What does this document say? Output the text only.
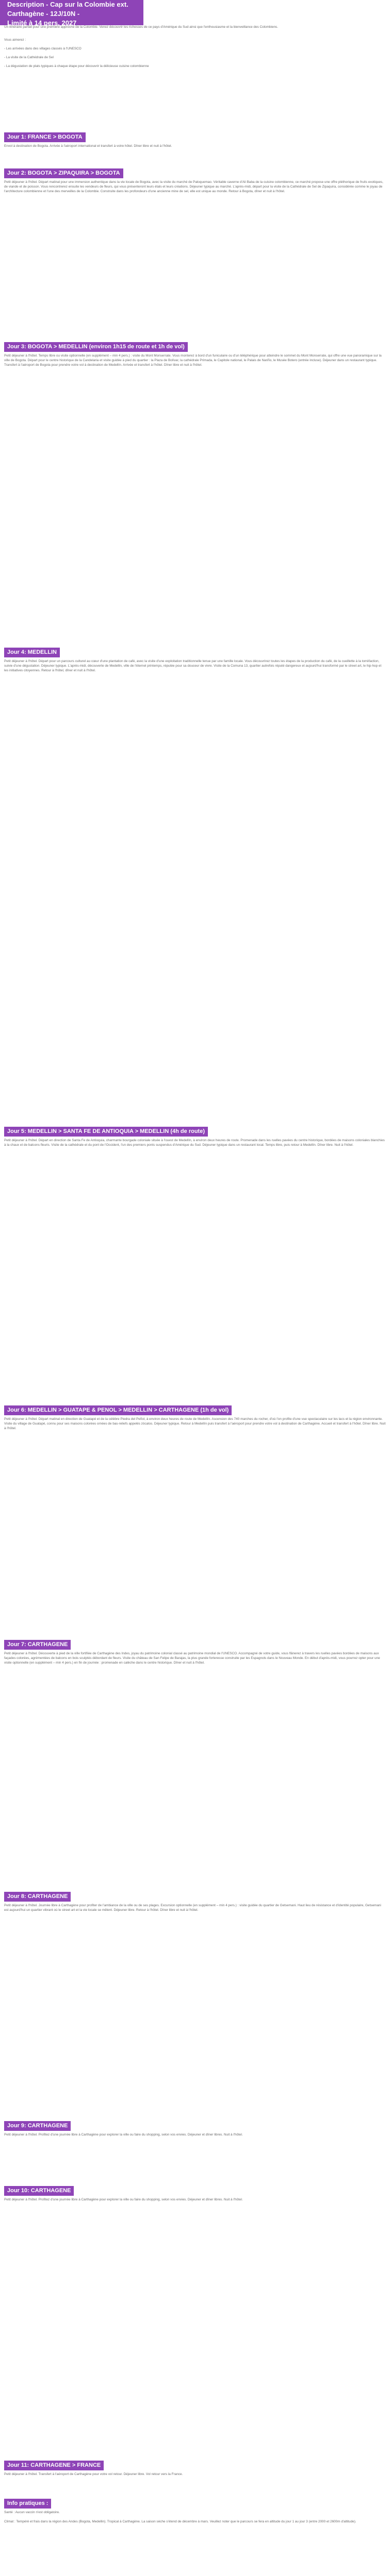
Description - Cap sur la Colombie ext. Carthagène - 12J/10N -
Limité à 14 pers. 2027

Un itinéraire parfait pour une première approche de la Colombie. Venez découvrir les richesses de ce pays d'Amérique du Sud ainsi que l'enthousiasme et la bienveillance des Colombiens.

Vous aimerez :

- Les arrivées dans des villages classés à l'UNESCO

- La visite de la Cathédrale de Sel

- La dégustation de plats typiques à chaque étape pour découvrir la délicieuse cuisine colombienne

Jour 1: FRANCE > BOGOTA

Envol à destination de Bogota. Arrivée à l'aéroport international et transfert à votre hôtel. Dîner libre et nuit à l'hôtel.

Jour 2: BOGOTA > ZIPAQUIRA > BOGOTA

Petit déjeuner à l'hôtel. Départ matinal pour une immersion authentique dans la vie locale de Bogota, avec la visite du marché de Paloquemao. Véritable caverne d'Ali Baba de la cuisine colombienne, ce marché propose une offre pléthorique de fruits exotiques, de viande et de poisson. Vous rencontrerez ensuite les vendeurs de fleurs, qui vous présenteront leurs étals et leurs créations. Déjeuner typique au marché. L'après-midi, départ pour la visite de la Cathédrale de Sel de Zipaquira, considérée comme le joyau de l'architecture colombienne et l'une des merveilles de la Colombie. Construite dans les profondeurs d'une ancienne mine de sel, elle est unique au monde. Retour à Bogota, dîner et nuit à l'hôtel.

Jour 3: BOGOTA > MEDELLIN (environ 1h15 de route et 1h de vol)

Petit déjeuner à l'hôtel. Temps libre ou visite optionnelle (en supplément – min 4 pers.) : visite du Mont Monserrate. Vous monterez à bord d'un funiculaire ou d'un téléphérique pour atteindre le sommet du Mont Monserrate, qui offre une vue panoramique sur la ville de Bogota. Départ pour le centre historique de la Candelaria et visite guidée à pied du quartier : la Plaza de Bolívar, la cathédrale Primada, le Capitole national, le Palais de Nariño, le Musée Botero (entrée incluse). Déjeuner dans un restaurant typique. Transfert à l'aéroport de Bogota pour prendre votre vol à destination de Medellín. Arrivée et transfert à l'hôtel. Dîner libre et nuit à l'hôtel.

Jour 4: MEDELLIN

Petit déjeuner à l'hôtel. Départ pour un parcours culturel au cœur d'une plantation de café, avec la visite d'une exploitation traditionnelle tenue par une famille locale. Vous découvrirez toutes les étapes de la production du café, de la cueillette à la torréfaction, suivie d'une dégustation. Déjeuner typique. L'après-midi, découverte de Medellin, ville de l'éternel printemps, réputée pour sa douceur de vivre. Visite de la Comuna 13, quartier autrefois réputé dangereux et aujourd'hui transformé par le street art, le hip-hop et les initiatives citoyennes. Retour à l'hôtel, dîner et nuit à l'hôtel.

Jour 5: MEDELLIN > SANTA FE DE ANTIOQUIA > MEDELLIN (4h de route)

Petit déjeuner à l'hôtel. Départ en direction de Santa Fe de Antioquia, charmante bourgade coloniale située à l'ouest de Medellín, à environ deux heures de route. Promenade dans les ruelles pavées du centre historique, bordées de maisons coloniales blanchies à la chaux et de balcons fleuris. Visite de la cathédrale et du pont de l'Occident, l'un des premiers ponts suspendus d'Amérique du Sud. Déjeuner typique dans un restaurant local. Temps libre, puis retour à Medellín. Dîner libre. Nuit à l'hôtel.

Jour 6: MEDELLIN > GUATAPE & PENOL > MEDELLIN > CARTHAGENE (1h de vol)

Petit déjeuner à l'hôtel. Départ matinal en direction de Guatapé et de la célèbre Piedra del Peñol, à environ deux heures de route de Medellín. Ascension des 740 marches du rocher, d'où l'on profite d'une vue spectaculaire sur les lacs et la région environnante. Visite du village de Guatapé, connu pour ses maisons colorées ornées de bas-reliefs appelés zócalos. Déjeuner typique. Retour à Medellín puis transfert à l'aéroport pour prendre votre vol à destination de Carthagène. Accueil et transfert à l'hôtel. Dîner libre. Nuit à l'hôtel.

Jour 7: CARTHAGENE

Petit déjeuner à l'hôtel. Découverte à pied de la ville fortifiée de Carthagène des Indes, joyau du patrimoine colonial classé au patrimoine mondial de l'UNESCO. Accompagné de votre guide, vous flânerez à travers les ruelles pavées bordées de maisons aux façades colorées, agrémentées de balcons en bois sculptés débordant de fleurs. Visite du château de San Felipe de Barajas, la plus grande forteresse construite par les Espagnols dans le Nouveau Monde. En début d'après-midi, vous pourrez opter pour une visite optionnelle (en supplément – min 4 pers.) en fin de journée : promenade en calèche dans le centre historique. Dîner et nuit à l'hôtel.

Jour 8: CARTHAGENE

Petit déjeuner à l'hôtel. Journée libre à Carthagène pour profiter de l'ambiance de la ville ou de ses plages. Excursion optionnelle (en supplément – min 4 pers.) : visite guidée du quartier de Getsemani. Haut lieu de résistance et d'identité populaire, Getsemani est aujourd'hui un quartier vibrant où le street art et la vie locale se mêlent. Déjeuner libre. Retour à l'hôtel. Dîner libre et nuit à l'hôtel.

Jour 9: CARTHAGENE

Petit déjeuner à l'hôtel. Profitez d'une journée libre à Carthagène pour explorer la ville ou faire du shopping, selon vos envies. Déjeuner et dîner libres. Nuit à l'hôtel.

Jour 10: CARTHAGENE

Petit déjeuner à l'hôtel. Profitez d'une journée libre à Carthagène pour explorer la ville ou faire du shopping, selon vos envies. Déjeuner et dîner libres. Nuit à l'hôtel.

Jour 11: CARTHAGENE > FRANCE

Petit déjeuner à l'hôtel. Transfert à l'aéroport de Carthagène pour votre vol retour. Déjeuner libre. Vol retour vers la France.

Info pratiques :

Santé : Aucun vaccin n'est obligatoire.

Climat : Tempéré et frais dans la région des Andes (Bogota, Medellin). Tropical à Carthagène. La saison sèche s'étend de décembre à mars. Veuillez noter que le parcours se fera en altitude du jour 1 au jour 3 (entre 2000 et 2600m d'altitude).
